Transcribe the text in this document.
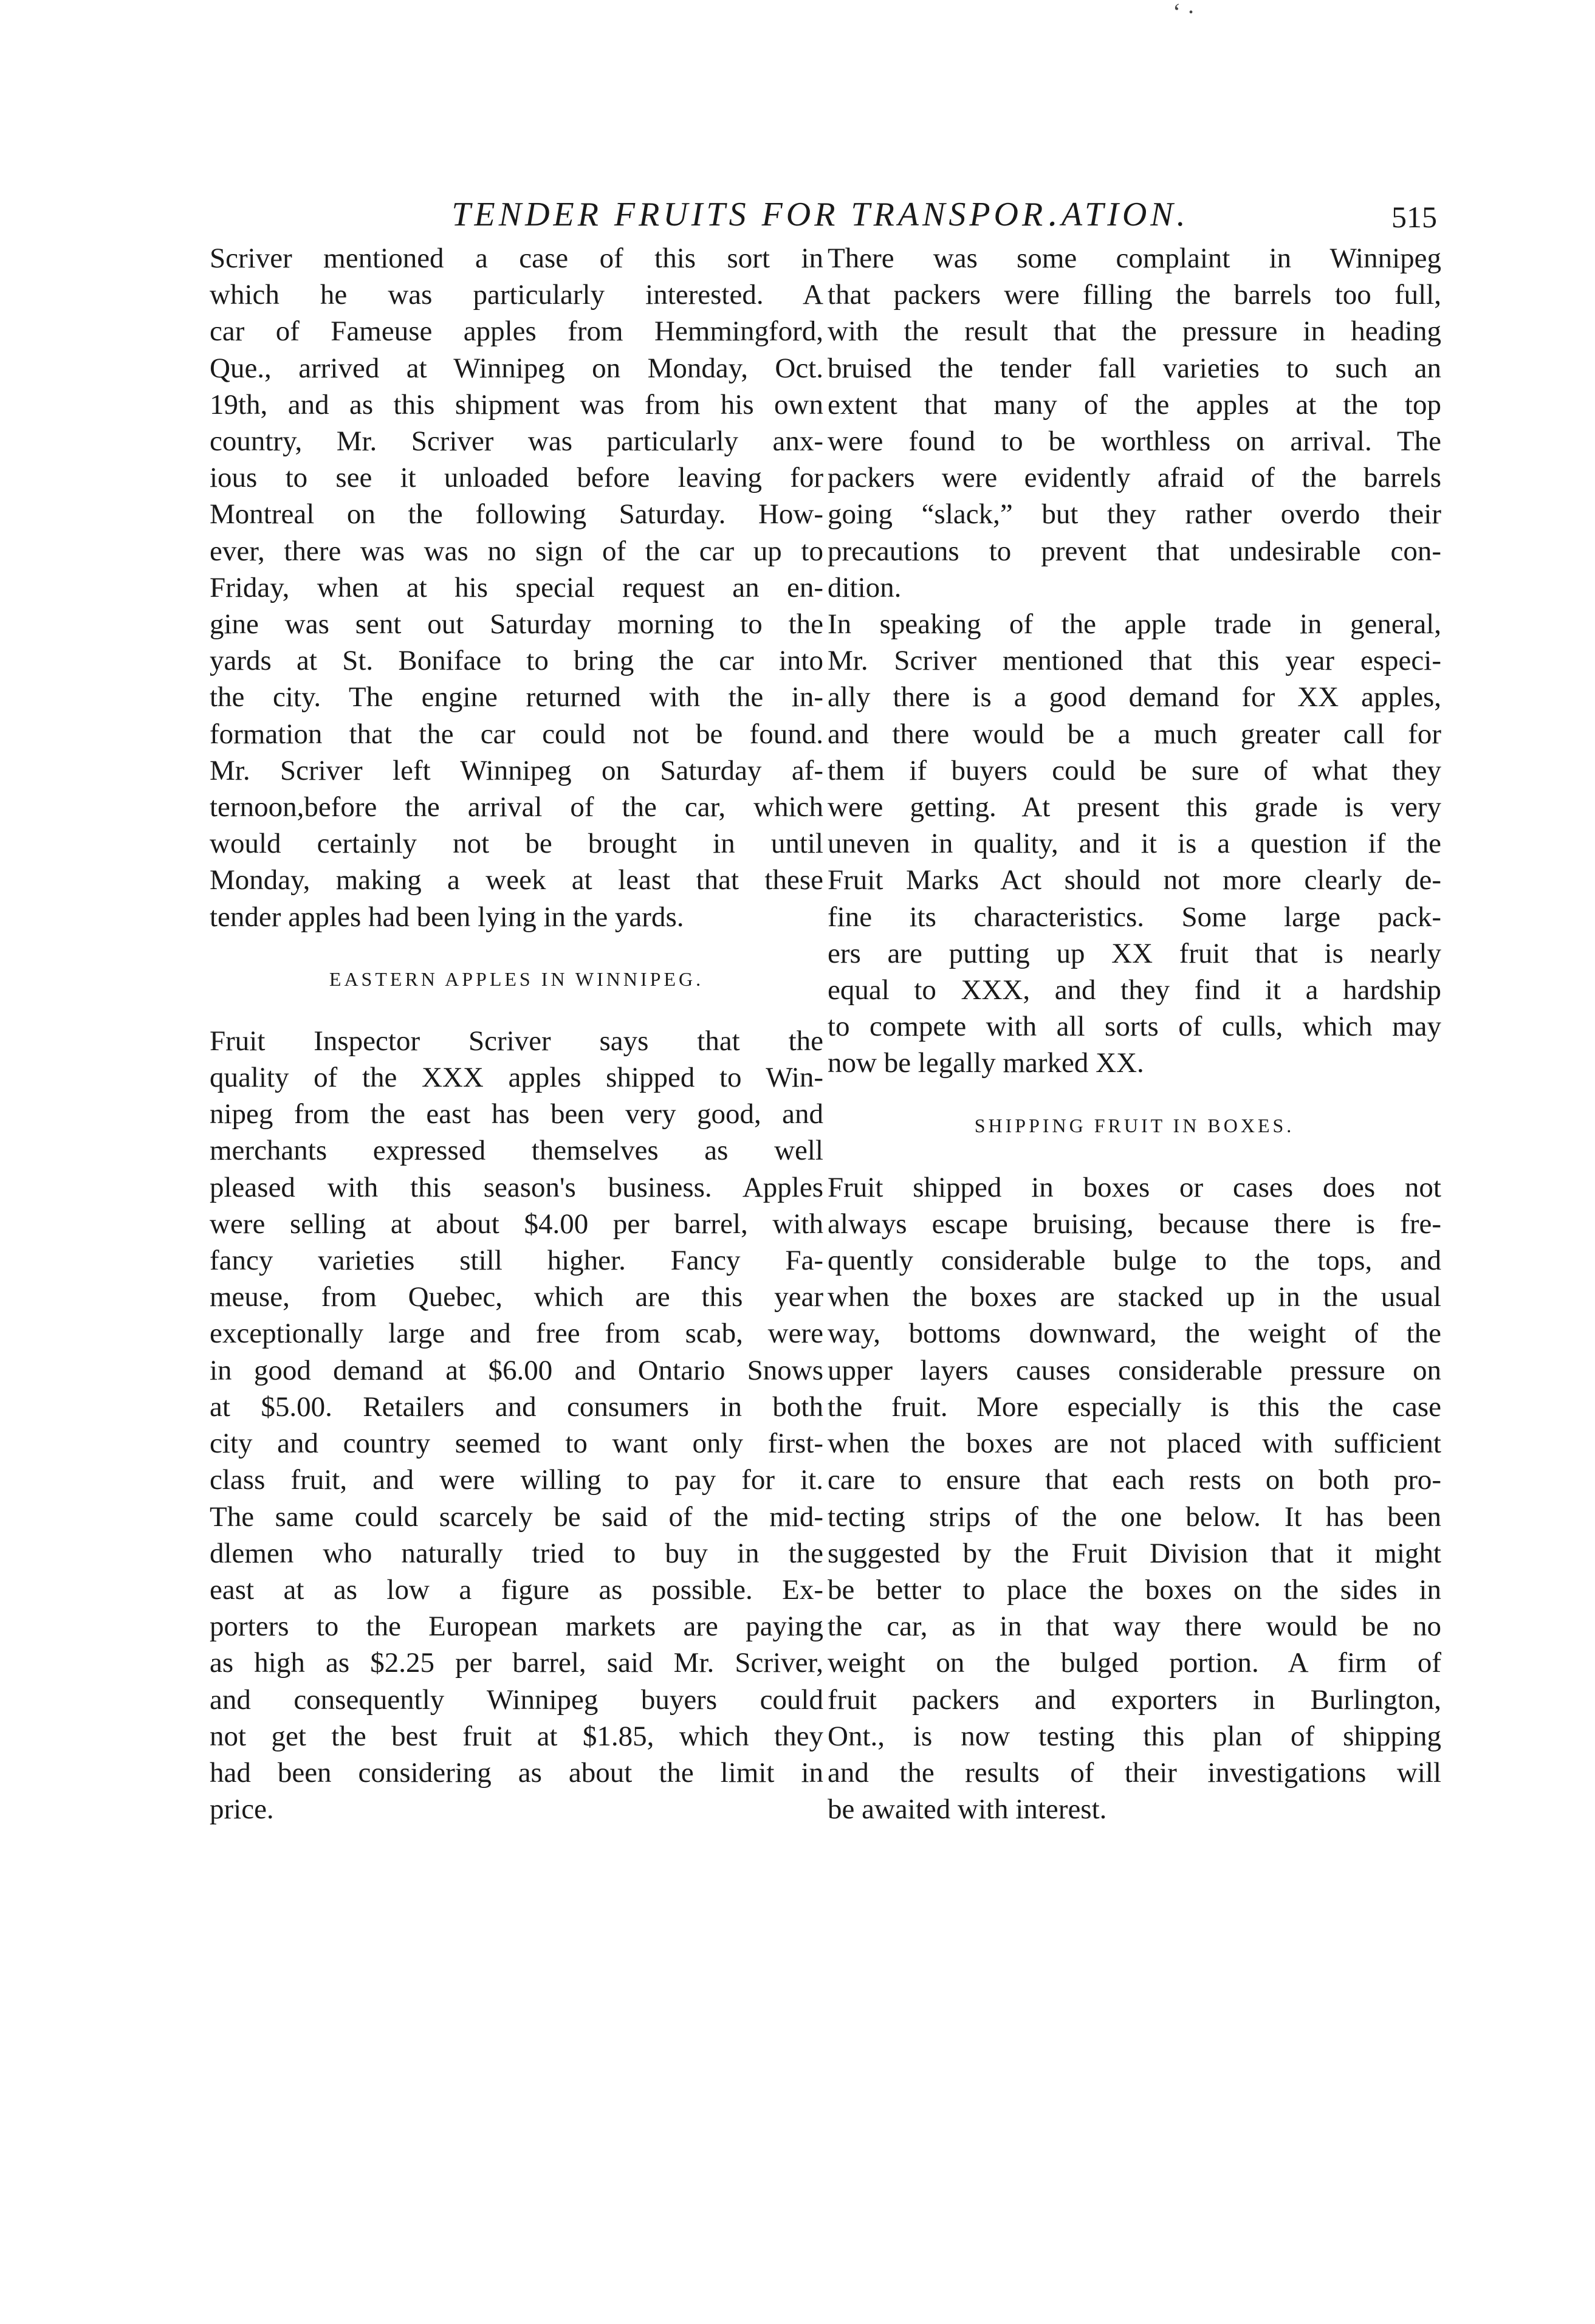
‘ ·
TENDER FRUITS FOR TRANSPOR․ATION.	515

Scriver mentioned a case of this sort in
which he was particularly interested. A
car of Fameuse apples from Hemmingford,
Que., arrived at Winnipeg on Monday, Oct.
19th, and as this shipment was from his own
country, Mr. Scriver was particularly anx-
ious to see it unloaded before leaving for
Montreal on the following Saturday. How-
ever, there was was no sign of the car up to
Friday, when at his special request an en-
gine was sent out Saturday morning to the
yards at St. Boniface to bring the car into
the city. The engine returned with the in-
formation that the car could not be found.
Mr. Scriver left Winnipeg on Saturday af-
ternoon,before the arrival of the car, which
would certainly not be brought in until
Monday, making a week at least that these
tender apples had been lying in the yards.

EASTERN APPLES IN WINNIPEG.

Fruit Inspector Scriver says that the
quality of the XXX apples shipped to Win-
nipeg from the east has been very good, and
merchants expressed themselves as well
pleased with this season's business. Apples
were selling at about $4.00 per barrel, with
fancy varieties still higher. Fancy Fa-
meuse, from Quebec, which are this year
exceptionally large and free from scab, were
in good demand at $6.00 and Ontario Snows
at $5.00. Retailers and consumers in both
city and country seemed to want only first-
class fruit, and were willing to pay for it.
The same could scarcely be said of the mid-
dlemen who naturally tried to buy in the
east at as low a figure as possible. Ex-
porters to the European markets are paying
as high as $2.25 per barrel, said Mr. Scriver,
and consequently Winnipeg buyers could
not get the best fruit at $1.85, which they
had been considering as about the limit in
price.

There was some complaint in Winnipeg
that packers were filling the barrels too full,
with the result that the pressure in heading
bruised the tender fall varieties to such an
extent that many of the apples at the top
were found to be worthless on arrival. The
packers were evidently afraid of the barrels
going “slack,” but they rather overdo their
precautions to prevent that undesirable con-
dition.

In speaking of the apple trade in general,
Mr. Scriver mentioned that this year especi-
ally there is a good demand for XX apples,
and there would be a much greater call for
them if buyers could be sure of what they
were getting. At present this grade is very
uneven in quality, and it is a question if the
Fruit Marks Act should not more clearly de-
fine its characteristics. Some large pack-
ers are putting up XX fruit that is nearly
equal to XXX, and they find it a hardship
to compete with all sorts of culls, which may
now be legally marked XX.

SHIPPING FRUIT IN BOXES.

Fruit shipped in boxes or cases does not
always escape bruising, because there is fre-
quently considerable bulge to the tops, and
when the boxes are stacked up in the usual
way, bottoms downward, the weight of the
upper layers causes considerable pressure on
the fruit. More especially is this the case
when the boxes are not placed with sufficient
care to ensure that each rests on both pro-
tecting strips of the one below. It has been
suggested by the Fruit Division that it might
be better to place the boxes on the sides in
the car, as in that way there would be no
weight on the bulged portion. A firm of
fruit packers and exporters in Burlington,
Ont., is now testing this plan of shipping
and the results of their investigations will
be awaited with interest.
